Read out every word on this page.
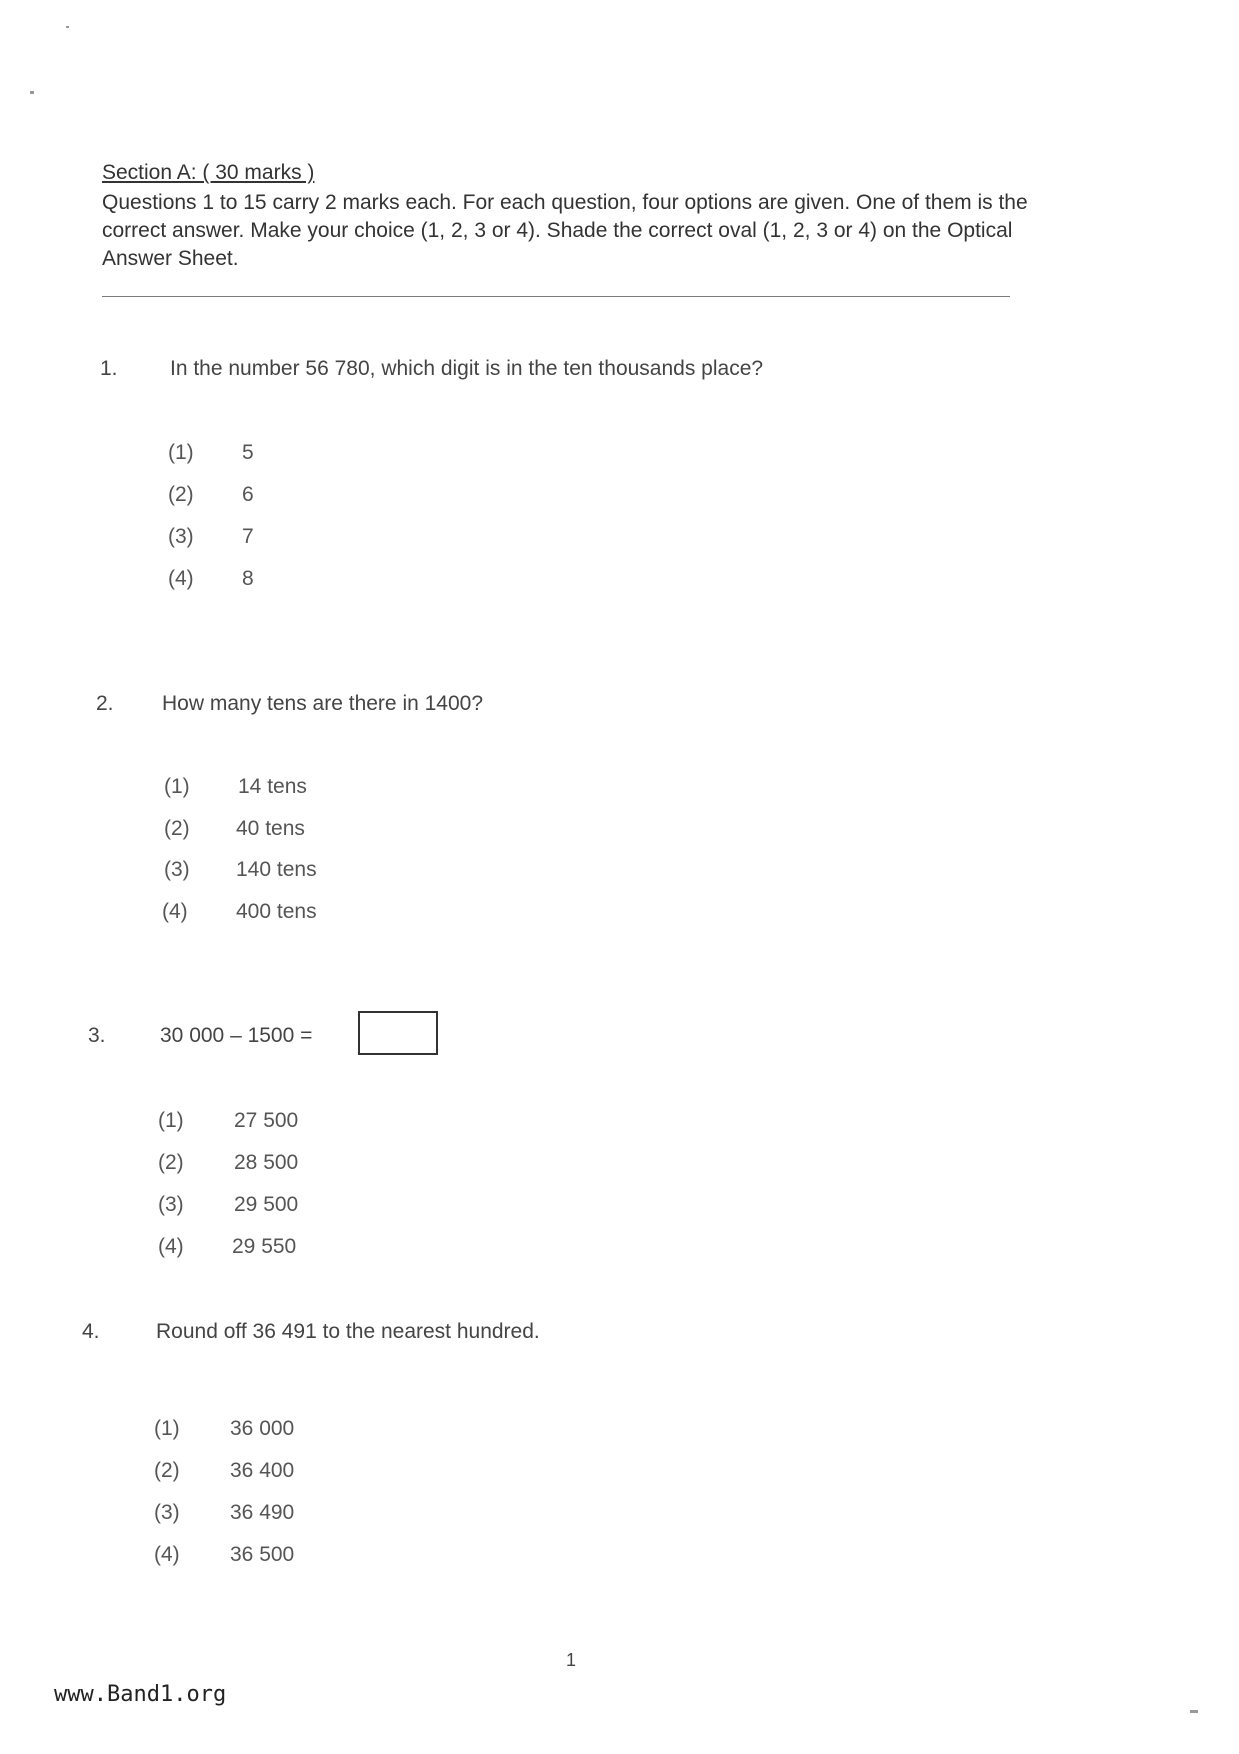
Section A: ( 30 marks )
Questions 1 to 15 carry 2 marks each. For each question, four options are given. One of them is the correct answer. Make your choice (1, 2, 3 or 4). Shade the correct oval (1, 2, 3 or 4) on the Optical Answer Sheet.
1. In the number 56 780, which digit is in the ten thousands place?
(1) 5
(2) 6
(3) 7
(4) 8
2. How many tens are there in 1400?
(1) 14 tens
(2) 40 tens
(3) 140 tens
(4) 400 tens
3.	30 000 – 1500 =
(1) 27 500
(2) 28 500
(3) 29 500
(4) 29 550
4.	Round off 36 491 to the nearest hundred.
(1) 36 000
(2) 36 400
(3) 36 490
(4) 36 500
1
www.Band1.org
